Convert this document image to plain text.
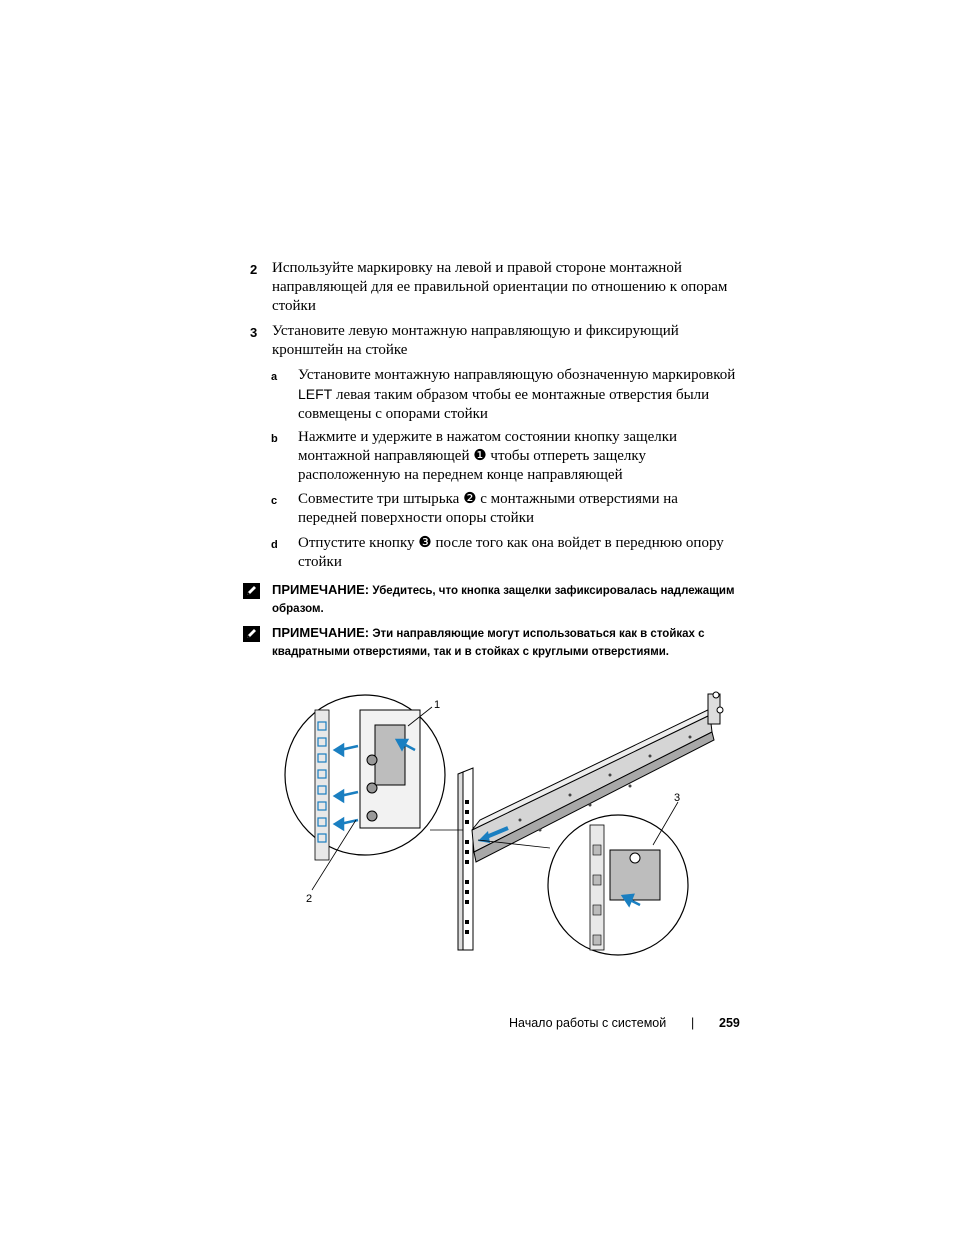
2 Используйте маркировку на левой и правой стороне монтажной направляющей для ее правильной ориентации по отношению к опорам стойки
3 Установите левую монтажную направляющую и фиксирующий кронштейн на стойке
a Установите монтажную направляющую обозначенную маркировкой LEFT левая таким образом чтобы ее монтажные отверстия были совмещены с опорами стойки
b Нажмите и удержите в нажатом состоянии кнопку защелки монтажной направляющей ❶ чтобы отпереть защелку расположенную на переднем конце направляющей
c Совместите три штырька ❷ с монтажными отверстиями на передней поверхности опоры стойки
d Отпустите кнопку ❸ после того как она войдет в переднюю опору стойки
ПРИМЕЧАНИЕ: Убедитесь, что кнопка защелки зафиксировалась надлежащим образом.
ПРИМЕЧАНИЕ: Эти направляющие могут использоваться как в стойках с квадратными отверстиями, так и в стойках с круглыми отверстиями.
1
2
3
Начало работы с системой | 259
